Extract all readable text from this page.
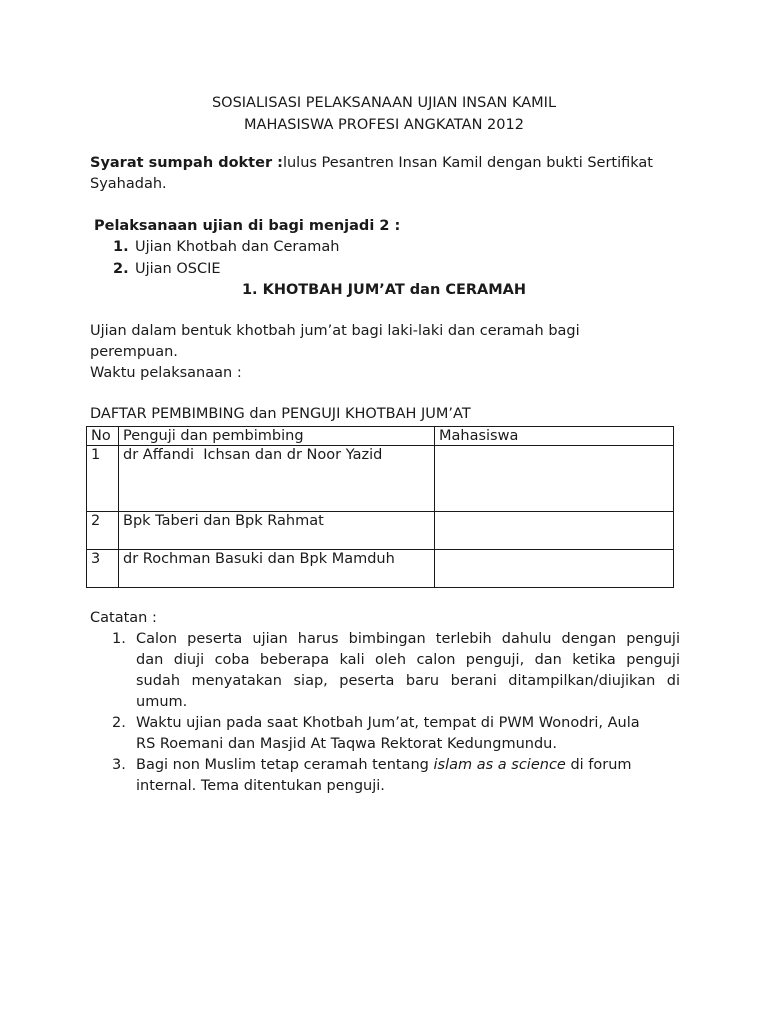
SOSIALISASI PELAKSANAAN UJIAN INSAN KAMIL
MAHASISWA PROFESI ANGKATAN 2012
Syarat sumpah dokter :lulus Pesantren Insan Kamil dengan bukti Sertifikat
Syahadah.
Pelaksanaan ujian di bagi menjadi 2 :
1. Ujian Khotbah dan Ceramah
2. Ujian OSCIE
1. KHOTBAH JUM’AT dan CERAMAH
Ujian dalam bentuk khotbah jum’at bagi laki-laki dan ceramah bagi
perempuan.
Waktu pelaksanaan :
DAFTAR PEMBIMBING dan PENGUJI KHOTBAH JUM’AT
No	Penguji dan pembimbing	Mahasiswa
1	dr Affandi  Ichsan dan dr Noor Yazid	
2	Bpk Taberi dan Bpk Rahmat	
3	dr Rochman Basuki dan Bpk Mamduh	
Catatan :
1. Calon peserta ujian harus bimbingan terlebih dahulu dengan penguji
dan diuji coba beberapa kali oleh calon penguji, dan ketika penguji
sudah menyatakan siap, peserta baru berani ditampilkan/diujikan di
umum.
2. Waktu ujian pada saat Khotbah Jum’at, tempat di PWM Wonodri, Aula
RS Roemani dan Masjid At Taqwa Rektorat Kedungmundu.
3. Bagi non Muslim tetap ceramah tentang islam as a science di forum
internal. Tema ditentukan penguji.
